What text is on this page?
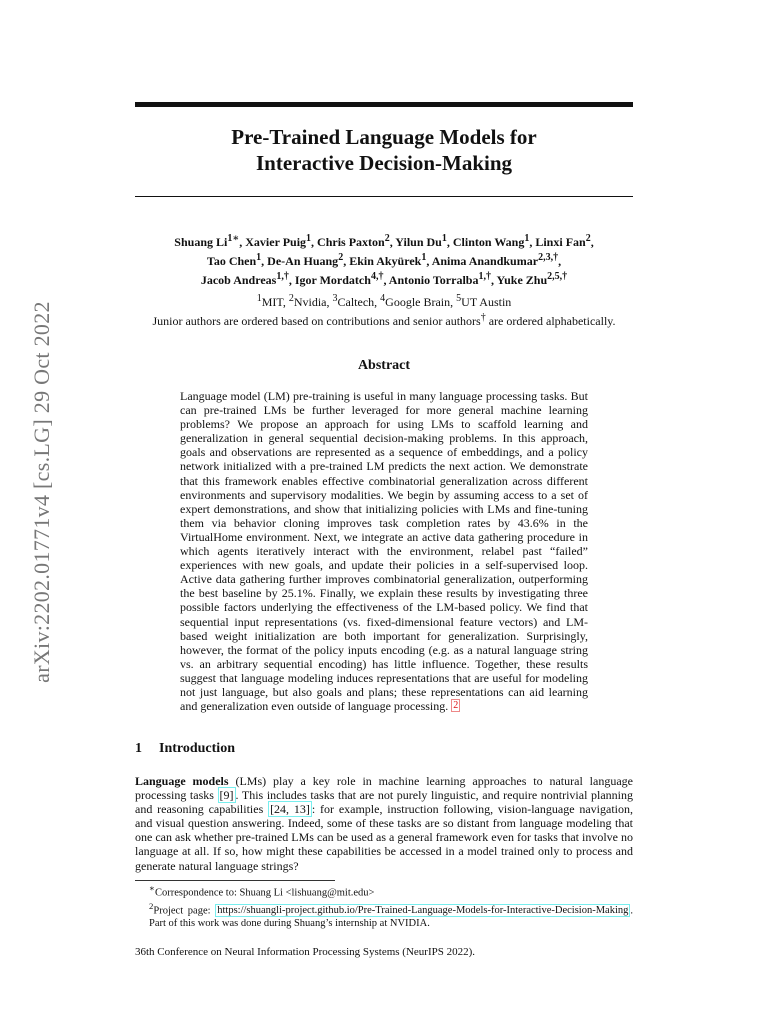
arXiv:2202.01771v4 [cs.LG] 29 Oct 2022
Pre-Trained Language Models for
Interactive Decision-Making
Shuang $Li^{1∗}$, Xavier Puig$^1$, Chris Paxton$^2$, Yilun Du$^1$, Clinton Wang$^1$, Linxi Fan$^2$,
Tao Chen$^1$, De-An Huang$^2$, Ekin Akyürek$^1$, Anima Anandkumar$^{2,3,\dagger}$,
Jacob Andreas$^{1,\dagger}$, Igor Mordatch$^{4,\dagger}$, Antonio Torralba$^{1,\dagger}$, Yuke Zhu$^{2,5,\dagger}$
$^1$MIT, $^2$Nvidia, $^3$Caltech, $^4$Google Brain, $^5$UT Austin
Junior authors are ordered based on contributions and senior authors† are ordered alphabetically.
Abstract

Language model (LM) pre-training is useful in many language processing tasks. But can pre-trained LMs be further leveraged for more general machine learning problems? We propose an approach for using LMs to scaffold learning and generalization in general sequential decision-making problems. In this approach, goals and observations are represented as a sequence of embeddings, and a policy network initialized with a pre-trained LM predicts the next action. We demonstrate that this framework enables effective combinatorial generalization across different environments and supervisory modalities. We begin by assuming access to a set of expert demonstrations, and show that initializing policies with LMs and fine-tuning them via behavior cloning improves task completion rates by 43.6% in the VirtualHome environment. Next, we integrate an active data gathering procedure in which agents iteratively interact with the environment, relabel past “failed” experiences with new goals, and update their policies in a self-supervised loop. Active data gathering further improves combinatorial generalization, outperforming the best baseline by 25.1%. Finally, we explain these results by investigating three possible factors underlying the effectiveness of the LM-based policy. We find that sequential input representations (vs. fixed-dimensional feature vectors) and LM-based weight initialization are both important for generalization. Surprisingly, however, the format of the policy inputs encoding (e.g. as a natural language string vs. an arbitrary sequential encoding) has little influence. Together, these results suggest that language modeling induces representations that are useful for modeling not just language, but also goals and plans; these representations can aid learning and generalization even outside of language processing. $^2$

1 Introduction

Language models (LMs) play a key role in machine learning approaches to natural language processing tasks [9] . This includes tasks that are not purely linguistic, and require nontrivial planning and reasoning capabilities [24, 13] : for example, instruction following, vision-language navigation, and visual question answering. Indeed, some of these tasks are so distant from language modeling that one can ask whether pre-trained LMs can be used as a general framework even for tasks that involve no language at all. If so, how might these capabilities be accessed in a model trained only to process and generate natural language strings?

∗Correspondence to: Shuang Li <lishuang@mit.edu>
$^2$Project page: https://shuangli-project.github.io/Pre-Trained-Language-Models-for-Interactive-Decision-Making . Part of this work was done during Shuang’s internship at NVIDIA.
36th Conference on Neural Information Processing Systems (NeurIPS 2022).
